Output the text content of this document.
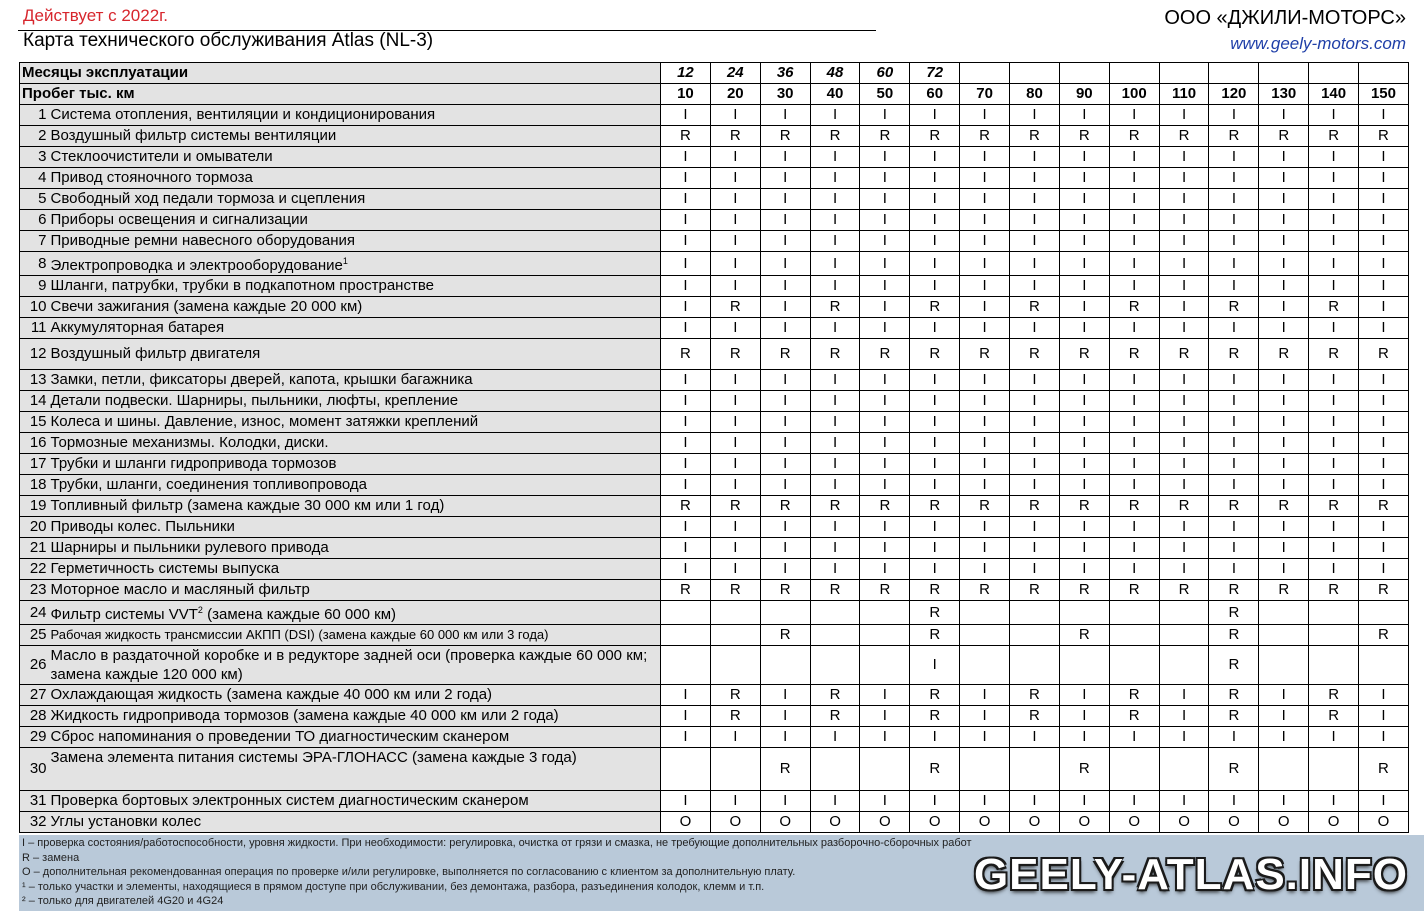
Действует с 2022г.
Карта технического обслуживания Atlas (NL-3)
ООО «ДЖИЛИ-МОТОРС»
www.geely-motors.com
Месяцы эксплуатации		12	24	36	48	60	72									
Пробег тыс. км		10	20	30	40	50	60	70	80	90	100	110	120	130	140	150
1	Система отопления, вентиляции и кондиционирования	I	I	I	I	I	I	I	I	I	I	I	I	I	I	I
2	Воздушный фильтр системы вентиляции	R	R	R	R	R	R	R	R	R	R	R	R	R	R	R
3	Стеклоочистители и омыватели	I	I	I	I	I	I	I	I	I	I	I	I	I	I	I
4	Привод стояночного тормоза	I	I	I	I	I	I	I	I	I	I	I	I	I	I	I
5	Свободный ход педали тормоза и сцепления	I	I	I	I	I	I	I	I	I	I	I	I	I	I	I
6	Приборы освещения и сигнализации	I	I	I	I	I	I	I	I	I	I	I	I	I	I	I
7	Приводные ремни навесного оборудования	I	I	I	I	I	I	I	I	I	I	I	I	I	I	I
8	Электропроводка и электрооборудование$^1$	I	I	I	I	I	I	I	I	I	I	I	I	I	I	I
9	Шланги, патрубки, трубки в подкапотном пространстве	I	I	I	I	I	I	I	I	I	I	I	I	I	I	I
10	Свечи зажигания (замена каждые 20 000 км)	I	R	I	R	I	R	I	R	I	R	I	R	I	R	I
11	Аккумуляторная батарея	I	I	I	I	I	I	I	I	I	I	I	I	I	I	I
12	Воздушный фильтр двигателя	R	R	R	R	R	R	R	R	R	R	R	R	R	R	R
13	Замки, петли, фиксаторы дверей, капота, крышки багажника	I	I	I	I	I	I	I	I	I	I	I	I	I	I	I
14	Детали подвески. Шарниры, пыльники, люфты, крепление	I	I	I	I	I	I	I	I	I	I	I	I	I	I	I
15	Колеса и шины. Давление, износ, момент затяжки креплений	I	I	I	I	I	I	I	I	I	I	I	I	I	I	I
16	Тормозные механизмы. Колодки, диски.	I	I	I	I	I	I	I	I	I	I	I	I	I	I	I
17	Трубки и шланги гидропривода тормозов	I	I	I	I	I	I	I	I	I	I	I	I	I	I	I
18	Трубки, шланги, соединения топливопровода	I	I	I	I	I	I	I	I	I	I	I	I	I	I	I
19	Топливный фильтр (замена каждые 30 000 км или 1 год)	R	R	R	R	R	R	R	R	R	R	R	R	R	R	R
20	Приводы колес. Пыльники	I	I	I	I	I	I	I	I	I	I	I	I	I	I	I
21	Шарниры и пыльники рулевого привода	I	I	I	I	I	I	I	I	I	I	I	I	I	I	I
22	Герметичность системы выпуска	I	I	I	I	I	I	I	I	I	I	I	I	I	I	I
23	Моторное масло и масляный фильтр	R	R	R	R	R	R	R	R	R	R	R	R	R	R	R
24	Фильтр системы VVT$^2$ (замена каждые 60 000 км)						R						R			
25	Рабочая жидкость трансмиссии АКПП (DSI) (замена каждые 60 000 км или 3 года)			R			R			R			R			R
26	Масло в раздаточной коробке и в редукторе задней оси (проверка каждые 60 000 км; замена каждые 120 000 км)						I						R			
27	Охлаждающая жидкость (замена каждые 40 000 км или 2 года)	I	R	I	R	I	R	I	R	I	R	I	R	I	R	I
28	Жидкость гидропривода тормозов (замена каждые 40 000 км или 2 года)	I	R	I	R	I	R	I	R	I	R	I	R	I	R	I
29	Сброс напоминания о проведении ТО диагностическим сканером	I	I	I	I	I	I	I	I	I	I	I	I	I	I	I
30	Замена элемента питания системы ЭРА-ГЛОНАСС (замена каждые 3 года)			R			R			R			R			R
31	Проверка бортовых электронных систем диагностическим сканером	I	I	I	I	I	I	I	I	I	I	I	I	I	I	I
32	Углы установки колес	O	O	O	O	O	O	O	O	O	O	O	O	O	O	O
I – проверка состояния/работоспособности, уровня жидкости. При необходимости: регулировка, очистка от грязи и смазка, не требующие дополнительных разборочно-сборочных работ
R – замена
O – дополнительная рекомендованная операция по проверке и/или регулировке, выполняется по согласованию с клиентом за дополнительную плату.
¹ – только участки и элементы, находящиеся в прямом доступе при обслуживании, без демонтажа, разбора, разъединения колодок, клемм и т.п.
² – только для двигателей 4G20 и 4G24
GEELY-ATLAS.INFO
